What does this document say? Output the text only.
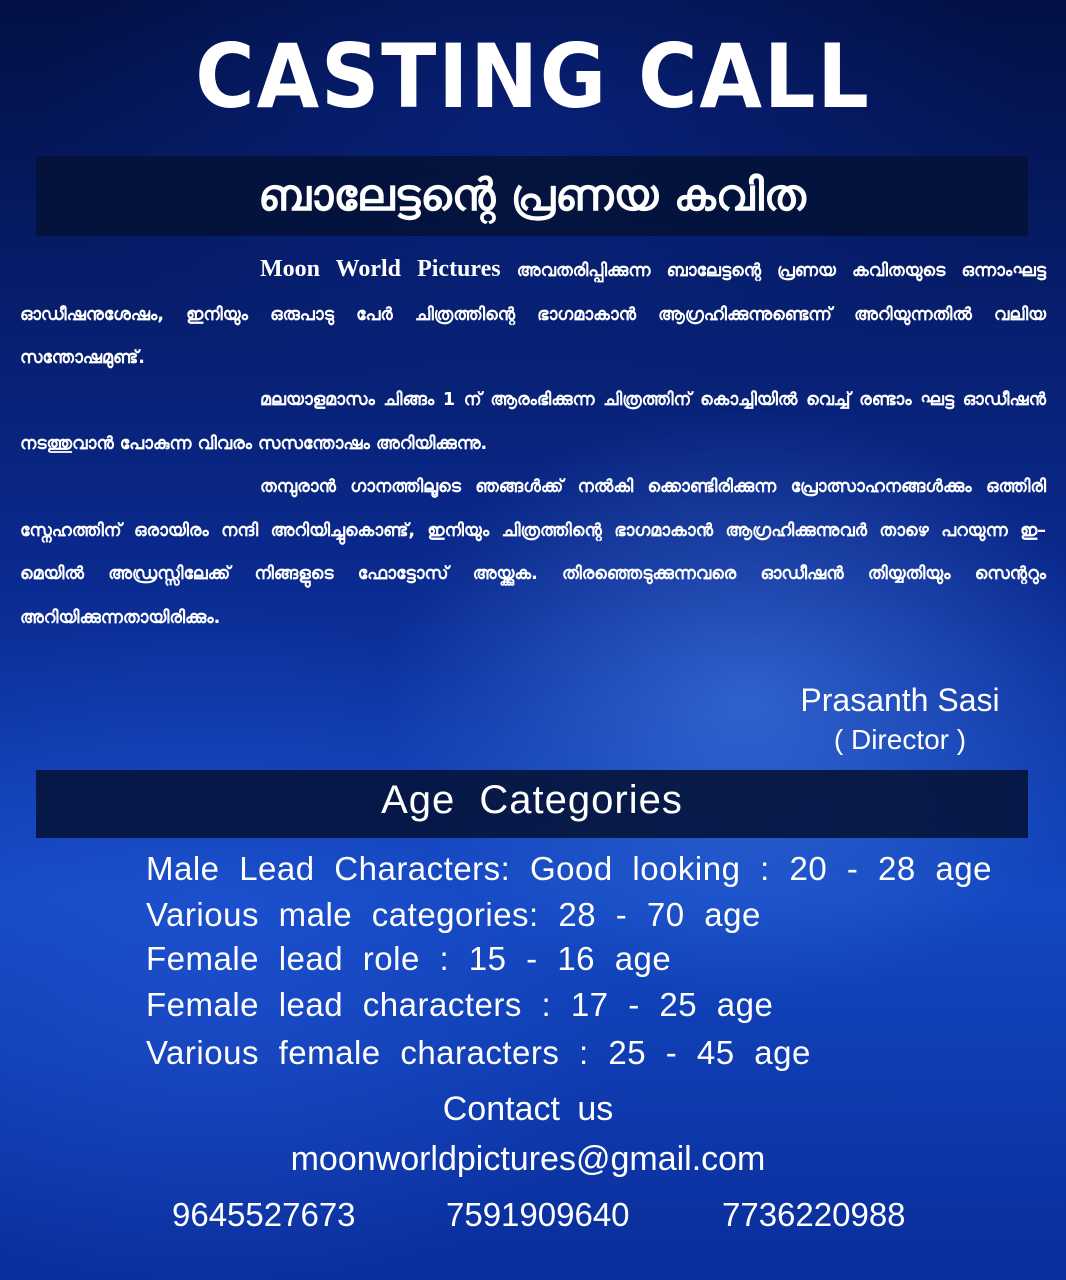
CASTING CALL
ബാലേട്ടന്റെ പ്രണയ കവിത
Moon World Pictures അവതരിപ്പിക്കുന്ന ബാലേട്ടന്റെ പ്രണയ കവിതയുടെ ഒന്നാംഘട്ട ഓഡീഷനുശേഷം, ഇനിയും ഒരുപാടു പേർ ചിത്രത്തിന്റെ ഭാഗമാകാൻ ആഗ്രഹിക്കുന്നുണ്ടെന്ന് അറിയുന്നതിൽ വലിയ സന്തോഷമുണ്ട്.
മലയാളമാസം ചിങ്ങം 1 ന് ആരംഭിക്കുന്ന ചിത്രത്തിന് കൊച്ചിയിൽ വെച്ച് രണ്ടാം ഘട്ട ഓഡീഷൻ നടത്തുവാൻ പോകുന്ന വിവരം സസന്തോഷം അറിയിക്കുന്നു.
തമ്പുരാൻ ഗാനത്തിലൂടെ ഞങ്ങൾക്ക് നൽകി ക്കൊണ്ടിരിക്കുന്ന പ്രോത്സാഹനങ്ങൾക്കും ഒത്തിരി സ്നേഹത്തിന് ഒരായിരം നന്ദി അറിയിച്ചുകൊണ്ട്, ഇനിയും ചിത്രത്തിന്റെ ഭാഗമാകാൻ ആഗ്രഹിക്കുന്നുവർ താഴെ പറയുന്ന ഇ–മെയിൽ അഡ്രസ്സിലേക്ക് നിങ്ങളുടെ ഫോട്ടോസ് അയ്ക്കുക. തിരഞ്ഞെടുക്കുന്നവരെ ഓഡീഷൻ തിയ്യതിയും സെന്ററും അറിയിക്കുന്നതായിരിക്കും.
Prasanth Sasi
( Director )
Age Categories
Male Lead Characters: Good looking : 20 - 28 age
Various male categories: 28 - 70 age
Female lead role : 15 - 16 age
Female lead characters : 17 - 25 age
Various female characters : 25 - 45 age
Contact us
moonworldpictures@gmail.com
9645527673	7591909640	7736220988
